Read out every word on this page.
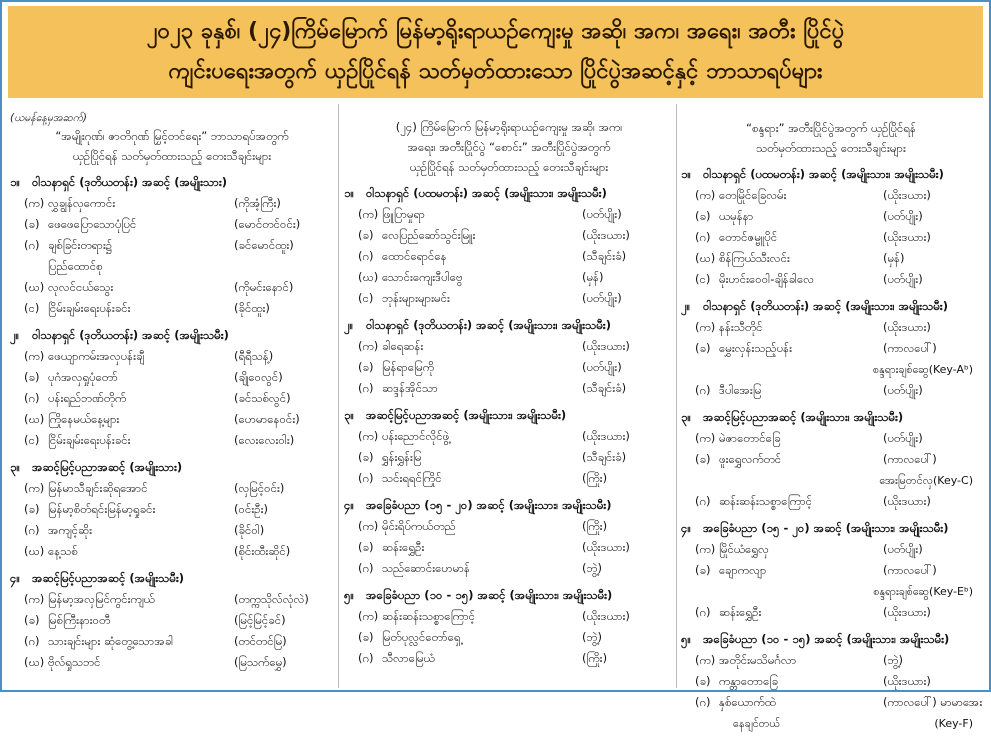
၂၀၂၃ ခုနှစ်၊ (၂၄)ကြိမ်မြောက် မြန်မာ့ရိုးရာယဉ်ကျေးမှု အဆို၊ အက၊ အရေး၊ အတီး ပြိုင်ပွဲ
ကျင်းပရေးအတွက် ယှဉ်ပြိုင်ရန် သတ်မှတ်ထားသော ပြိုင်ပွဲအဆင့်နှင့် ဘာသာရပ်များ
(ယမန်နေ့မှအဆက်)
“အမျိုးဂုဏ်၊ ဇာတိဂုဏ် မြှင့်တင်ရေး” ဘာသာရပ်အတွက်
ယှဉ်ပြိုင်ရန် သတ်မှတ်ထားသည့် တေးသီချင်းများ
၁။	ဝါသနာရှင် (ဒုတိယတန်း) အဆင့် (အမျိုးသား)
(က) လွှချွန်လှကောင်း	(ကိုအံ့ကြီး)
(ခ) ဖေဖေပြောသောပုံပြင်	(မောင်တင်ဝင်း)
(ဂ) ချစ်ခြင်းတရား၌	(ခင်မောင်ထူး)
ပြည်ထောင်စု
(ဃ) လုလင်ငယ်သွေး	(ကိုမင်းနောင်)
(င) ငြိမ်းချမ်းရေးပန်းခင်း	(ခိုင်ထူး)
၂။	ဝါသနာရှင် (ဒုတိယတန်း) အဆင့် (အမျိုးသမီး)
(က) ဖေယျာကမ်းအလှပန်းချီ	(ရီရီသန့်)
(ခ) ပုဂံအလှရှုပုံတော်	(ချိုဝေလွင်)
(ဂ) ပန်းရည်ဘဏ်တိုက်	(ခင်သစ်လွင်)
(ဃ) ကြိုနေမယ်နေ့များ	(ဟေမာနေဝင်း)
(င) ငြိမ်းချမ်းရေးပန်းခင်း	(လေးလေးဝါး)
၃။	အဆင့်မြင့်ပညာအဆင့် (အမျိုးသား)
(က) မြန်မာသီချင်းဆိုရအောင်	(လှမြင့်ဝင်း)
(ခ) မြန်မာ့စိတ်ရင်းမြန်မာ့ရှုခင်း	(ဝင်းဦး)
(ဂ) အကျင့်ဆိုး	(ခိုင်ဝါ)
(ဃ) နေ့သစ်	(စိုင်းထီးဆိုင်)
၄။	အဆင့်မြင့်ပညာအဆင့် (အမျိုးသမီး)
(က) မြန်မာ့အလှမြင်ကွင်းကျယ်	(တက္ကသိုလ်လုံလဲ)
(ခ) မြစ်ကြီးနားဝတီ	(မြင့်မြင့်ခင်)
(ဂ) သားချင်းများ ဆုံတွေ့သောအခါ	(တင်တင်မြ)
(ဃ) ဗိုလ်ရှုသဘင်	(မြသက်မွှေ)
(၂၄) ကြိမ်မြောက် မြန်မာ့ရိုးရာယဉ်ကျေးမှု အဆို၊ အက၊
အရေး၊ အတီးပြိုင်ပွဲ “စောင်း” အတီးပြိုင်ပွဲအတွက်
ယှဉ်ပြိုင်ရန် သတ်မှတ်ထားသည့် တေးသီချင်းများ
၁။	ဝါသနာရှင် (ပထမတန်း) အဆင့် (အမျိုးသား၊ အမျိုးသမီး)
(က) ဖြူပြာမှုရာ	(ပတ်ပျိုး)
(ခ) လေပြည်ဆော်သွင်းမြူး	(ယိုးဒယား)
(ဂ) ထောင်ရောင်နေ	(သီချင်းခံ)
(ဃ) သောင်းကျေးဒီပါဗွေ	(မှန်)
(င) ဘုန်းများများမင်း	(ပတ်ပျိုး)
၂။	ဝါသနာရှင် (ဒုတိယတန်း) အဆင့် (အမျိုးသား၊ အမျိုးသမီး)
(က) ခါရေဆန်း	(ယိုးဒယား)
(ခ) မြန်ရာမြေကို	(ပတ်ပျိုး)
(ဂ) ဆဒ္ဒန်အိုင်သာ	(သီချင်းခံ)
၃။	အဆင့်မြင့်ပညာအဆင့် (အမျိုးသား၊ အမျိုးသမီး)
(က) ပန်းညောင်လိုင်ဖွဲ့	(ယိုးဒယား)
(ခ) ရွှန်းရွှန်းမြ	(သီချင်းခံ)
(ဂ) သင်းရရင်ကြိုင်	(ကြိုး)
၄။	အခြေခံပညာ (၁၅ - ၂၀) အဆင့် (အမျိုးသား၊ အမျိုးသမီး)
(က) မိုင်းရိပ်ကယ်တည်	(ကြိုး)
(ခ) ဆန်းရွှေဦး	(ယိုးဒယား)
(ဂ) သည်ဆောင်းဟေမာန်	(ဘွဲ့)
၅။	အခြေခံပညာ (၁၀ - ၁၅) အဆင့် (အမျိုးသား၊ အမျိုးသမီး)
(က) ဆန်းဆန်းသစ္စာကြောင့်	(ယိုးဒယား)
(ခ) မြတ်ပုလ္လင်တော်ရှေ့	(ဘွဲ့)
(ဂ) သီလာမြေယံ	(ကြိုး)
“စန္ဒရား” အတီးပြိုင်ပွဲအတွက် ယှဉ်ပြိုင်ရန်
သတ်မှတ်ထားသည့် တေးသီချင်းများ
၁။	ဝါသနာရှင် (ပထမတန်း) အဆင့် (အမျိုးသား၊ အမျိုးသမီး)
(က) တေမြိုင်ခြေလမ်း	(ယိုးဒယား)
(ခ) ယမုန်နာ	(ပတ်ပျိုး)
(ဂ) တောင်ဇမ္ဗူပိုင်	(ယိုးဒယား)
(ဃ) စိန်ကြယ်သီးလင်း	(မှန်)
(င) မိုးဟင်းဝေ၀ါ-ချိန်ခါလေ	(ပတ်ပျိုး)
၂။	ဝါသနာရှင် (ဒုတိယတန်း) အဆင့် (အမျိုးသား၊ အမျိုးသမီး)
(က) နန်းသီတိုင်	(ယိုးဒယား)
(ခ) မွှေးလှန်းသည့်ပန်း	(ကာလပေါ်)
စန္ဒရားချစ်ဆွေ(Key-Aᵇ)
(ဂ) ဒီပါအေးမြ	(ပတ်ပျိုး)
၃။	အဆင့်မြင့်ပညာအဆင့် (အမျိုးသား၊ အမျိုးသမီး)
(က) မဲဇာတောင်ခြေ	(ပတ်ပျိုး)
(ခ) ဖူးရွှေလက်တင်	(ကာလပေါ်)
အေးမြတင်လှ(Key-C)
(ဂ) ဆန်းဆန်းသစ္စာကြောင့်	(ယိုးဒယား)
၄။	အခြေခံပညာ (၁၅ - ၂၀) အဆင့် (အမျိုးသား၊ အမျိုးသမီး)
(က) မြိုင်ယံရွှေလှ	(ပတ်ပျိုး)
(ခ) ချောကလျာ	(ကာလပေါ်)
စန္ဒရားချစ်ဆွေ(Key-Eᵇ)
(ဂ) ဆန်းရွှေဦး	(ယိုးဒယား)
၅။	အခြေခံပညာ (၁၀ - ၁၅) အဆင့် (အမျိုးသား၊ အမျိုးသမီး)
(က) အတိုင်းမသိမင်္ဂလာ	(ဘွဲ့)
(ခ) ကန္တာတောခြေ	(ယိုးဒယား)
(ဂ) နှစ်ယောက်ထဲ	(ကာလပေါ်) မာမာအေး
နေချင်တယ်	(Key-F)
